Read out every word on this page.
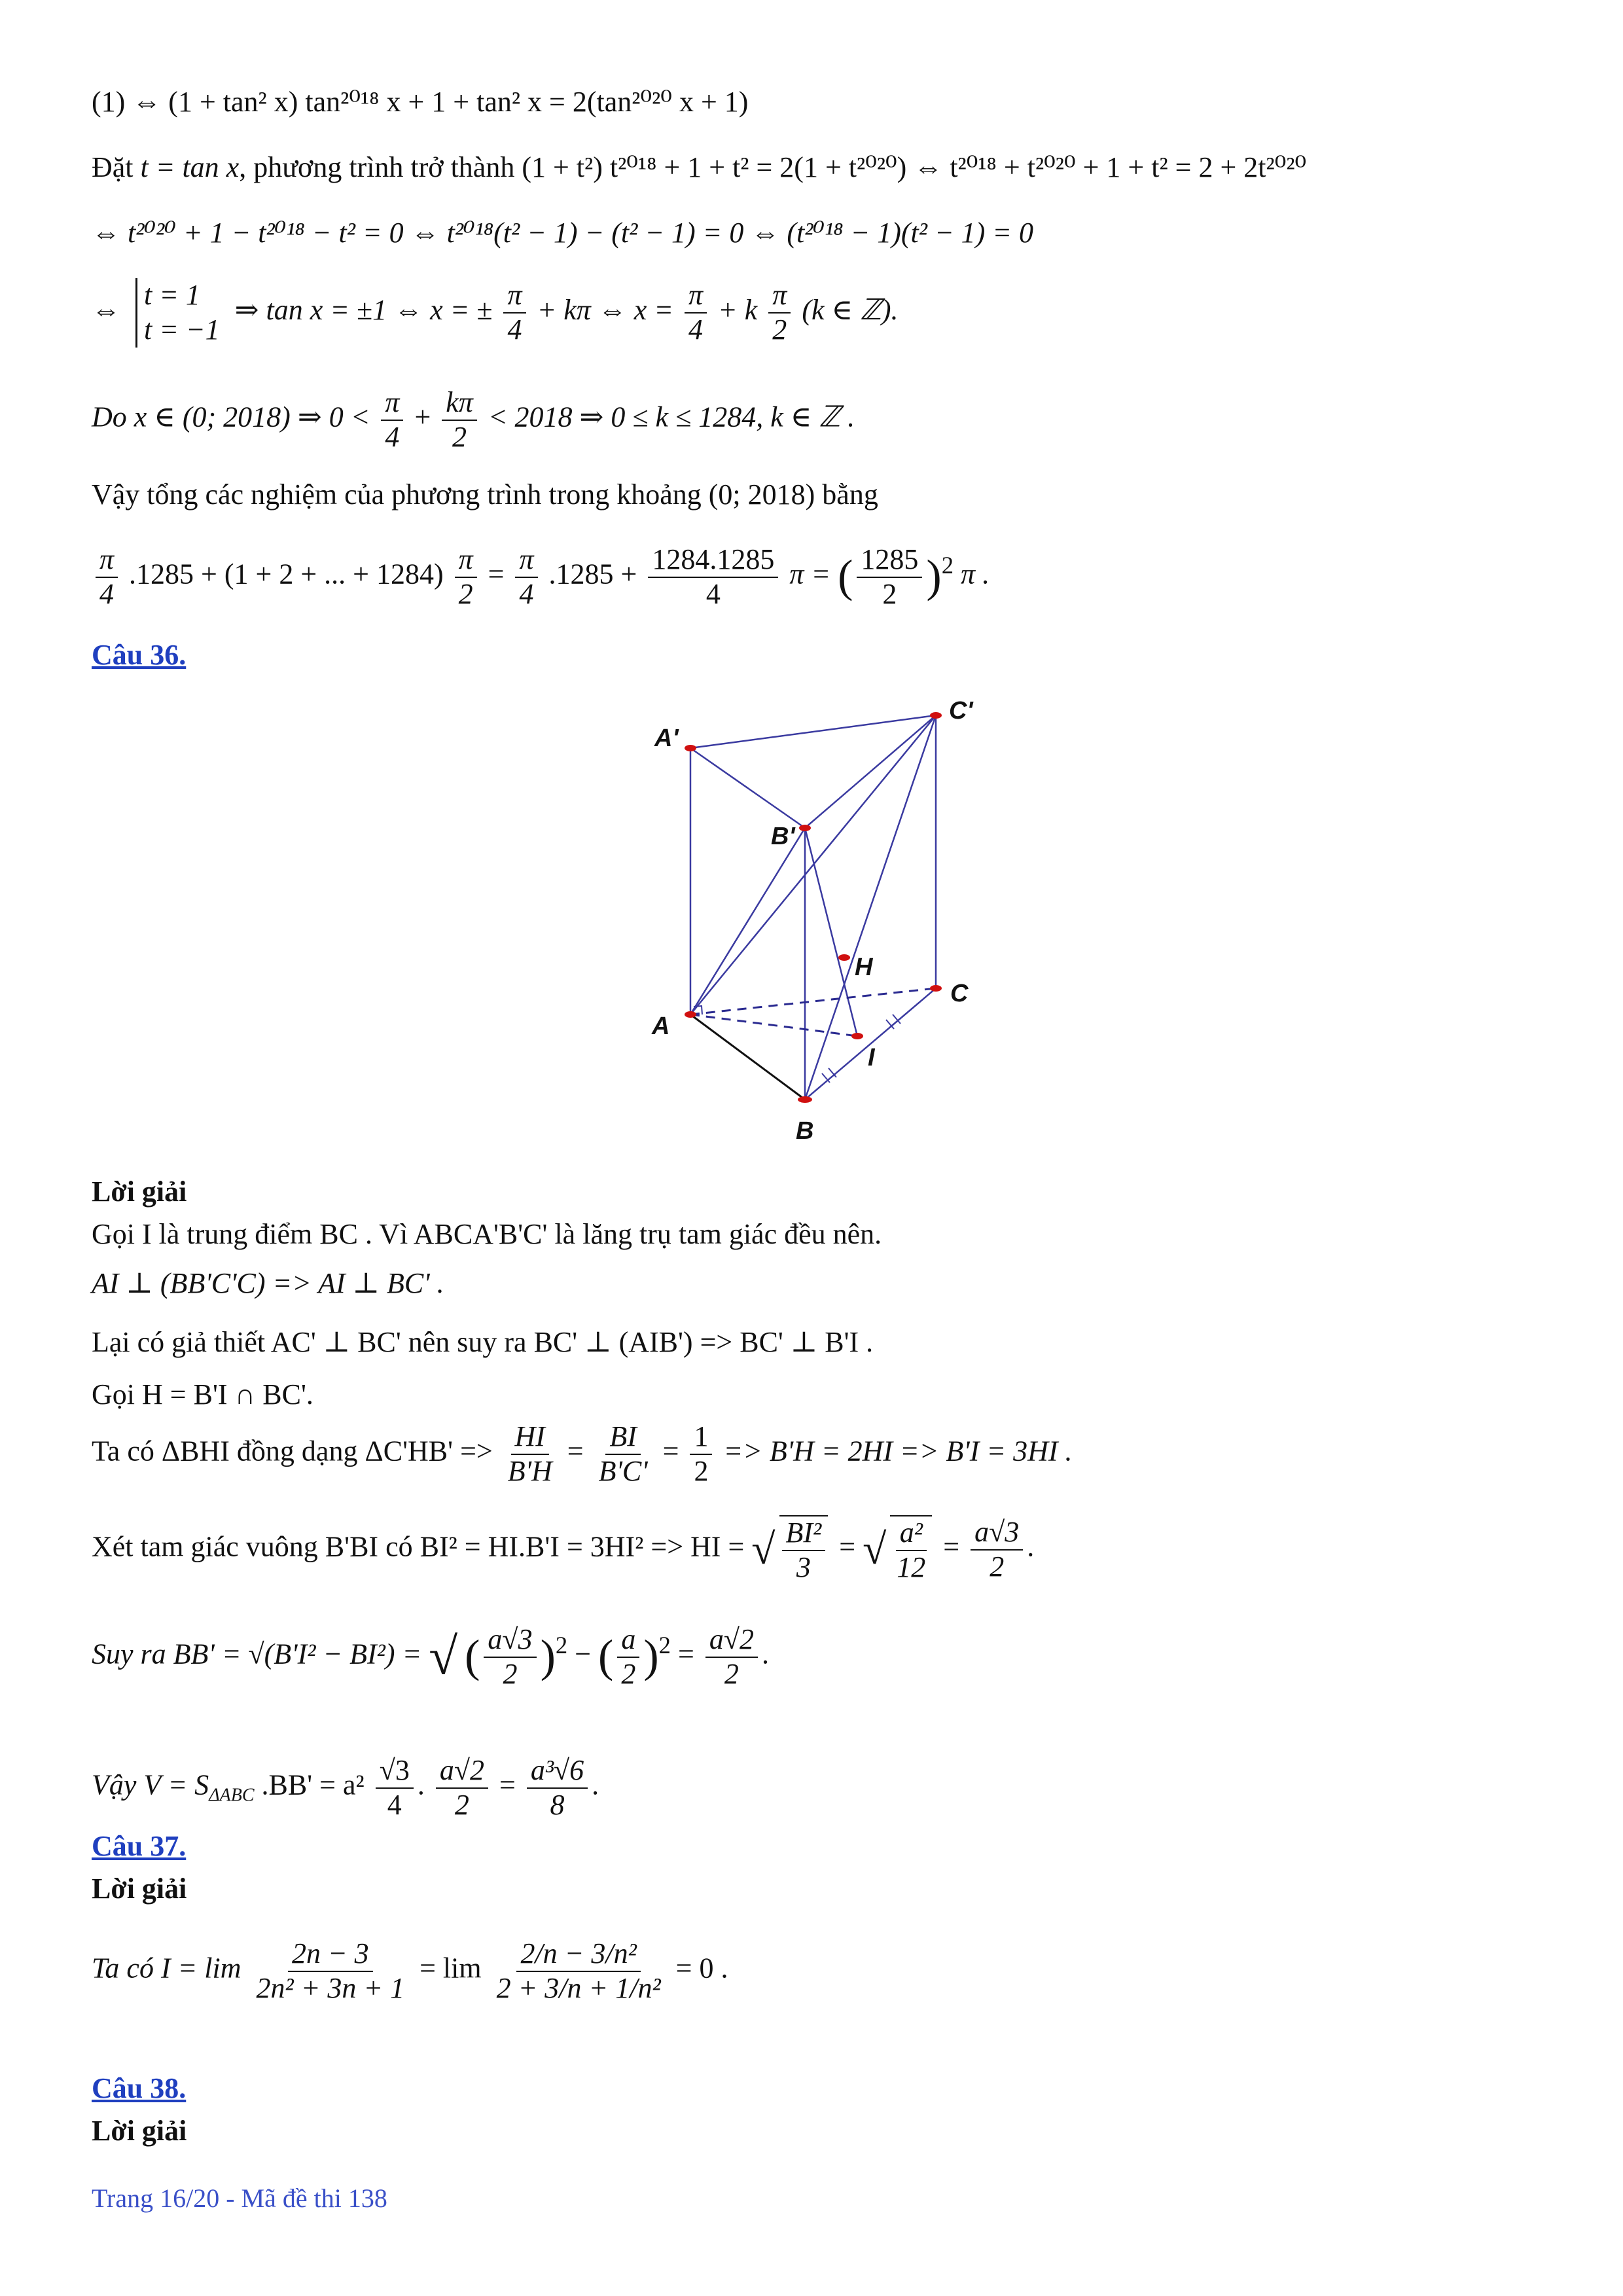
(1) ⇔ (1 + tan² x) tan²⁰¹⁸ x + 1 + tan² x = 2(tan²⁰²⁰ x + 1)
Đặt t = tan x, phương trình trở thành (1 + t²) t²⁰¹⁸ + 1 + t² = 2(1 + t²⁰²⁰) ⇔ t²⁰¹⁸ + t²⁰²⁰ + 1 + t² = 2 + 2t²⁰²⁰
⇔ t²⁰²⁰ + 1 − t²⁰¹⁸ − t² = 0 ⇔ t²⁰¹⁸(t² − 1) − (t² − 1) = 0 ⇔ (t²⁰¹⁸ − 1)(t² − 1) = 0
⇔ t = 1
t = −1
⇒ tan x = ±1 ⇔ x = ± $\frac{\pi}{4} + k\pi$ ⇔ $x = \frac{\pi}{4} + k \frac{\pi}{2} (k$ ∈ ℤ).
Do x ∈ (0; 2018) ⇒ $0 < \frac{\pi}{4} + \frac{k\pi}{2} < 2018$ ⇒ 0 ≤ k ≤ 1284, k ∈ ℤ .
Vậy tổng các nghiệm của phương trình trong khoảng (0; 2018) bằng
$\frac{\pi}{4} .1285 + (1 + 2$ + ... + $1284) \frac{\pi}{2} = \frac{\pi}{4} .1285 + \frac{1284.1285}{4}$ π = ( $\frac{1285}{2} )^2$ π .
Câu 36.
A'
C'
B'
H
C
A
I
B
Lời giải
Gọi I là trung điểm BC . Vì ABCA'B'C' là lăng trụ tam giác đều nên.
AI ⊥ (BB'C'C) => AI ⊥ BC' .
Lại có giả thiết AC' ⊥ BC' nên suy ra BC' ⊥ (AIB') => BC' ⊥ B'I .
Gọi H = B'I ∩ BC'.
Ta có ΔBHI đồng dạng $\Delta C'HB' => \frac{HI}{B'H} = \frac{BI}{B'C'} = \frac{1}{2} => B'H = 2HI => B'I = 3HI$ .
Xét tam giác vuông B'BI có BI² = HI.B'I = 3HI² => HI = √ $\frac{\text{BI²}}{3}$ = √ $\frac{\text{a²}}{12} = \frac{a√3}{2}$ .
Suy ra BB' = √(B'I² − BI²) = √ ( $\frac{a√3}{2} )^2$ − ( $\frac{a}{2} )^2 = \frac{a√2}{2}$ .
Vậy $V = S_{\Delta ABC}$ $.BB' = a^2 \frac{√3}{4}$ . $\frac{a√2}{2} = \frac{\text{a³√6}}{8}$ .
Câu 37.
Lời giải
Ta có $I = \lim \frac{2n - 3}{\text{2n² + 3n + 1}} = \lim \frac{\text{2/n − 3/n²}}{\text{2 + 3/n + 1/n²}} = 0$ .
Câu 38.
Lời giải
Trang 16/20 - Mã đề thi 138
